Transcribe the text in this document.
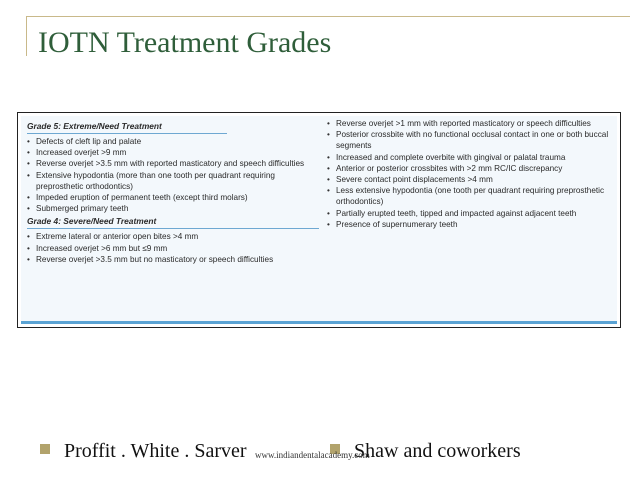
IOTN Treatment Grades

Grade 5: Extreme/Need Treatment

• Defects of cleft lip and palate
• Increased overjet >9 mm
• Reverse overjet >3.5 mm with reported masticatory and speech difficulties
• Extensive hypodontia (more than one tooth per quadrant requiring preprosthetic orthodontics)
• Impeded eruption of permanent teeth (except third molars)
• Submerged primary teeth

Grade 4: Severe/Need Treatment

• Extreme lateral or anterior open bites >4 mm
• Increased overjet >6 mm but ≤9 mm
• Reverse overjet >3.5 mm but no masticatory or speech difficulties
• Reverse overjet >1 mm with reported masticatory or speech difficulties
• Posterior crossbite with no functional occlusal contact in one or both buccal segments
• Increased and complete overbite with gingival or palatal trauma
• Anterior or posterior crossbites with >2 mm RC/IC discrepancy
• Severe contact point displacements >4 mm
• Less extensive hypodontia (one tooth per quadrant requiring preprosthetic orthodontics)
• Partially erupted teeth, tipped and impacted against adjacent teeth
• Presence of supernumerary teeth
Proffit . White . Sarver	Shaw and coworkers
www.indiandentalacademy.com
